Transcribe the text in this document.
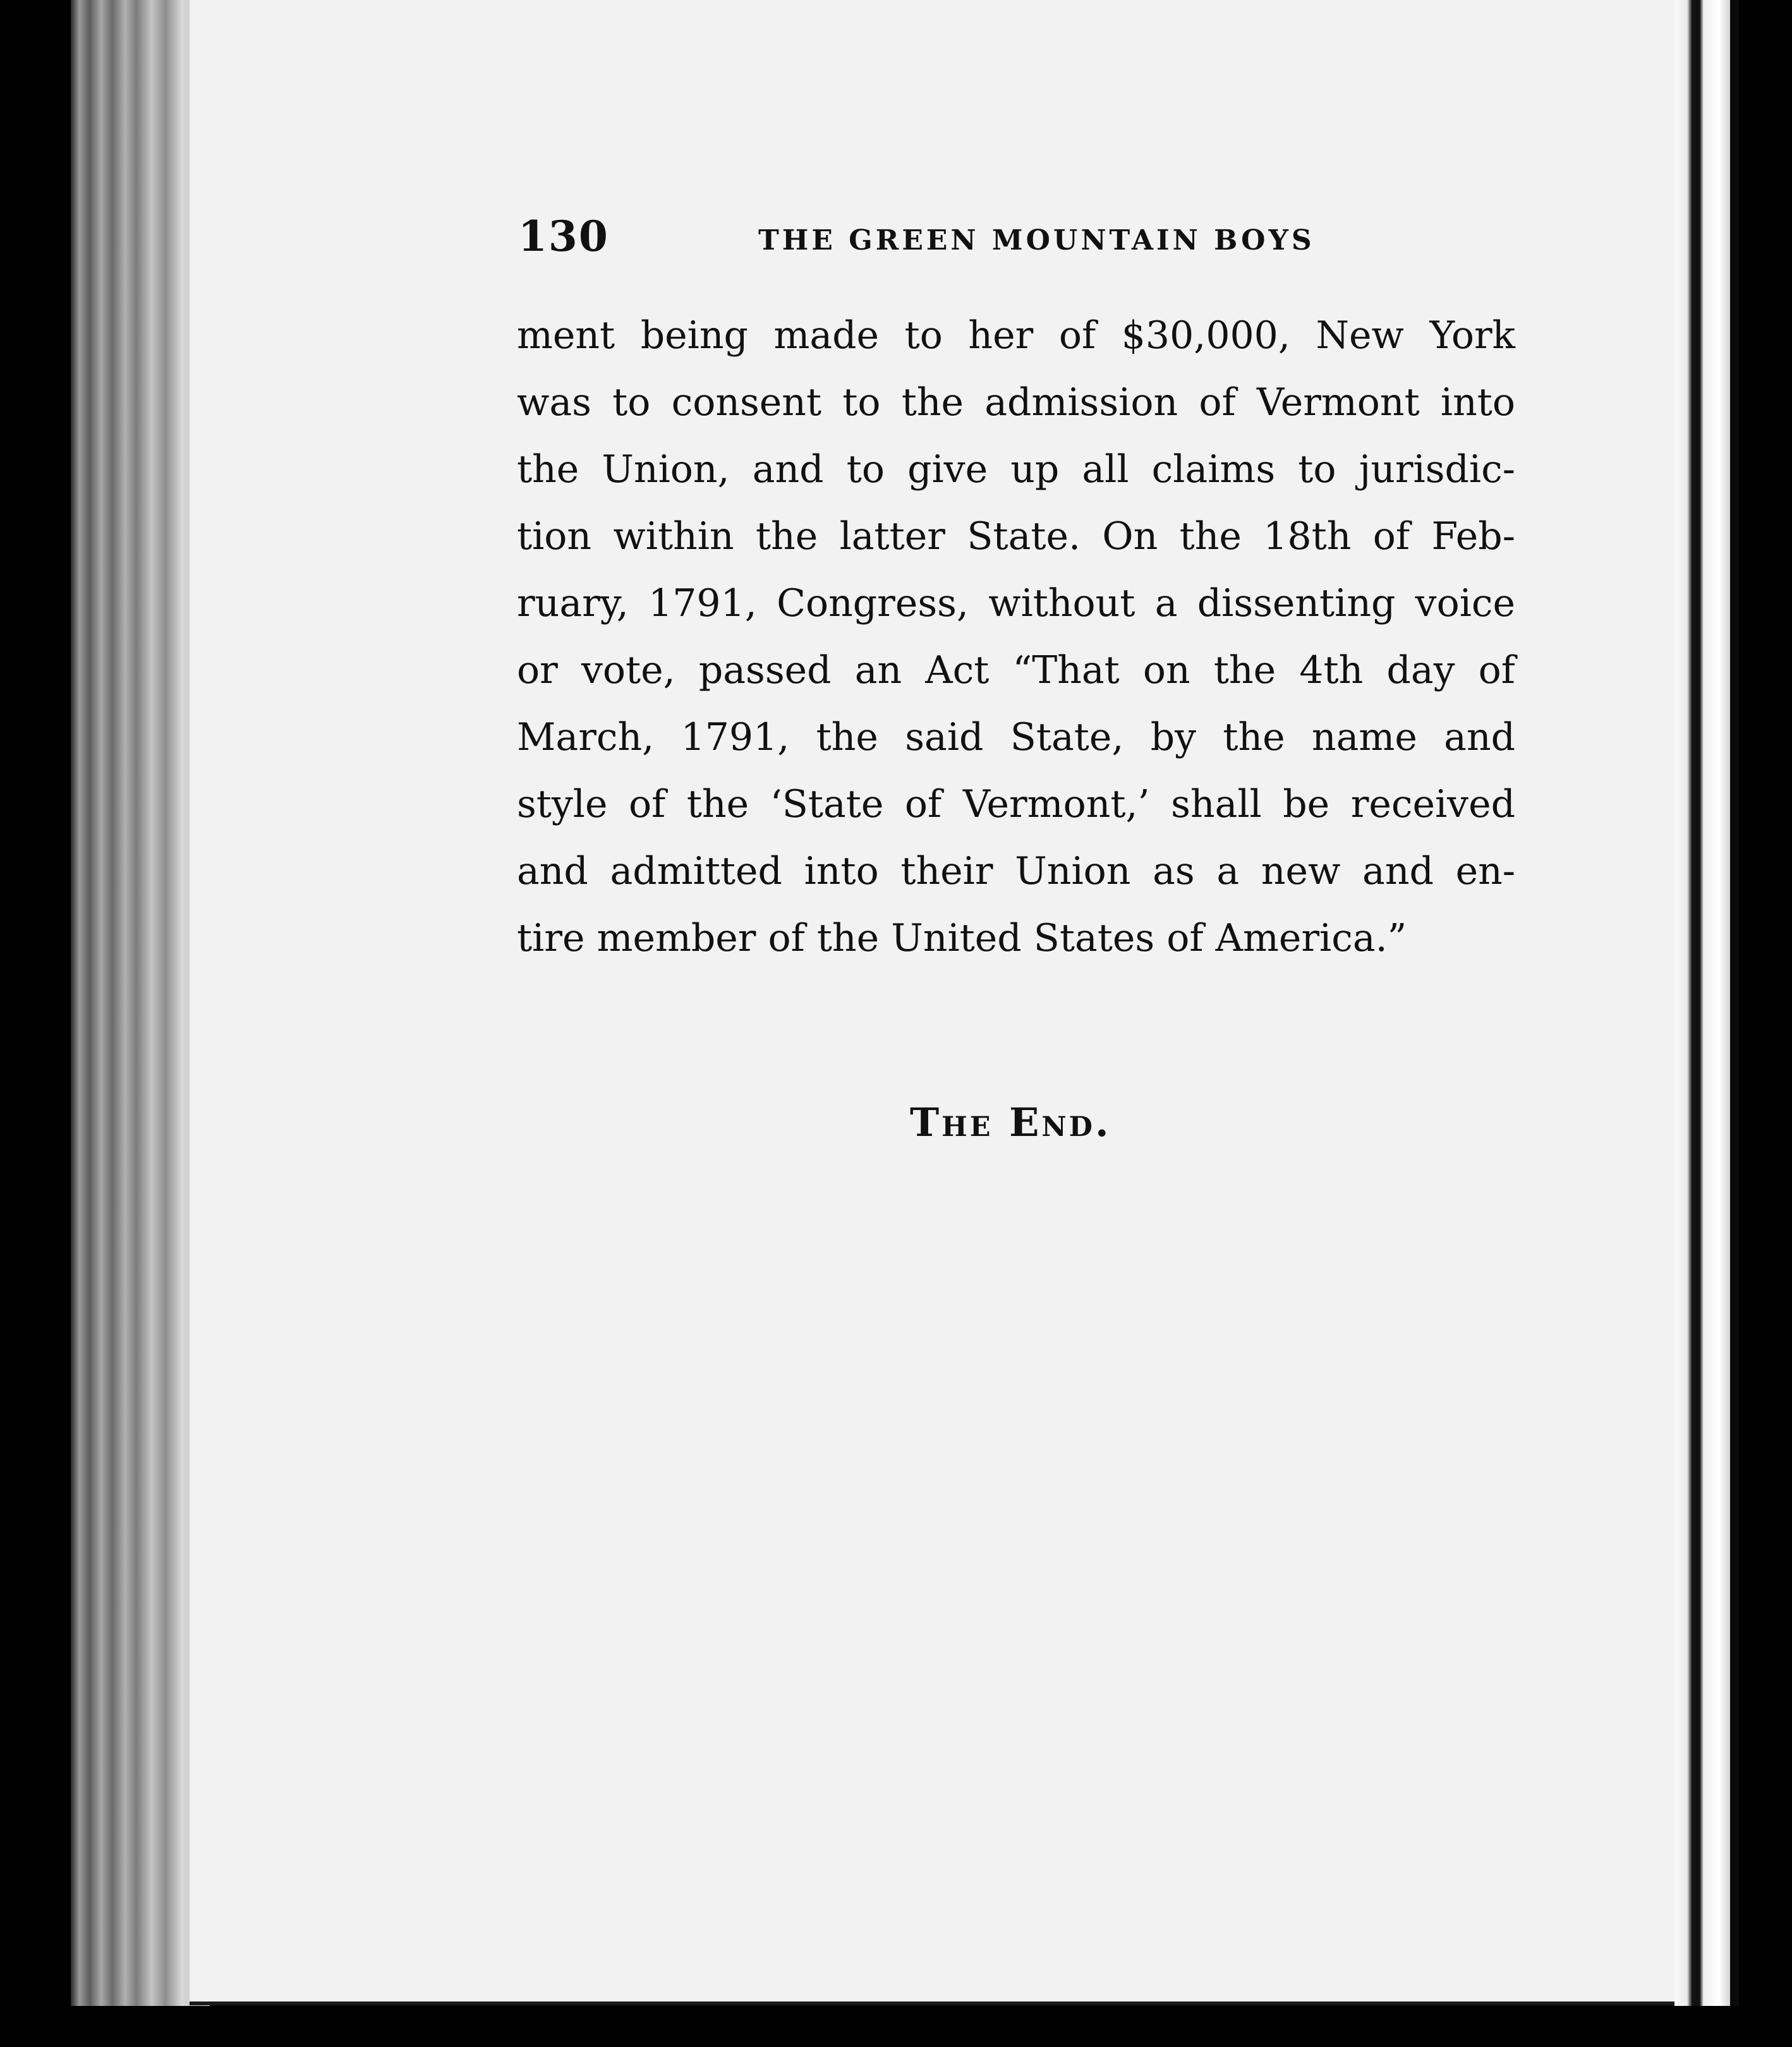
130	THE GREEN MOUNTAIN BOYS
ment being made to her of $30,000, New York
was to consent to the admission of Vermont into
the Union, and to give up all claims to jurisdic-
tion within the latter State. On the 18th of Feb-
ruary, 1791, Congress, without a dissenting voice
or vote, passed an Act “That on the 4th day of
March, 1791, the said State, by the name and
style of the ‘State of Vermont,’ shall be received
and admitted into their Union as a new and en-
tire member of the United States of America.”
The End.
